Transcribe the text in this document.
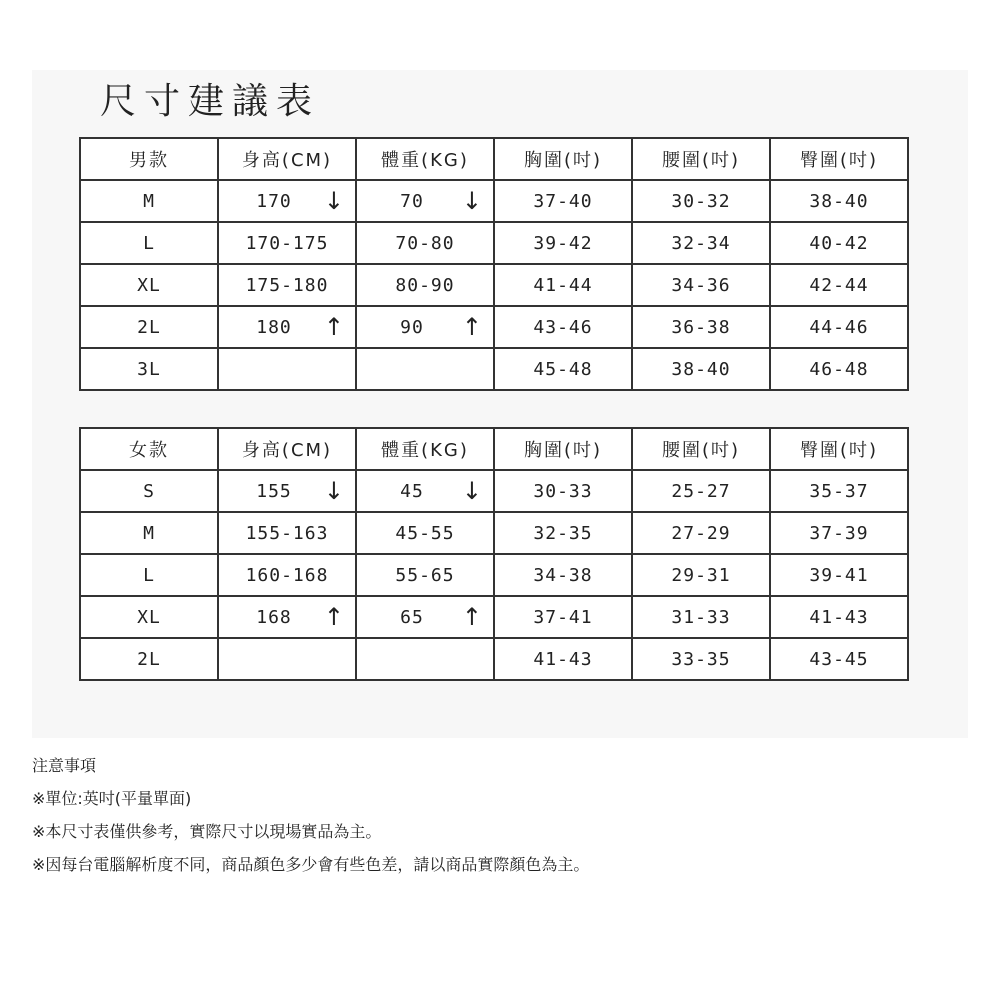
尺寸建議表
男款	身高(CM)	體重(KG)	胸圍(吋)	腰圍(吋)	臀圍(吋)
M	170 ↓	70 ↓	37-40	30-32	38-40
L	170-175	70-80	39-42	32-34	40-42
XL	175-180	80-90	41-44	34-36	42-44
2L	180 ↑	90 ↑	43-46	36-38	44-46
3L			45-48	38-40	46-48
女款	身高(CM)	體重(KG)	胸圍(吋)	腰圍(吋)	臀圍(吋)
S	155 ↓	45 ↓	30-33	25-27	35-37
M	155-163	45-55	32-35	27-29	37-39
L	160-168	55-65	34-38	29-31	39-41
XL	168 ↑	65 ↑	37-41	31-33	41-43
2L			41-43	33-35	43-45
注意事項
※單位:英吋(平量單面)
※本尺寸表僅供參考，實際尺寸以現場實品為主。
※因每台電腦解析度不同，商品顏色多少會有些色差，請以商品實際顏色為主。
